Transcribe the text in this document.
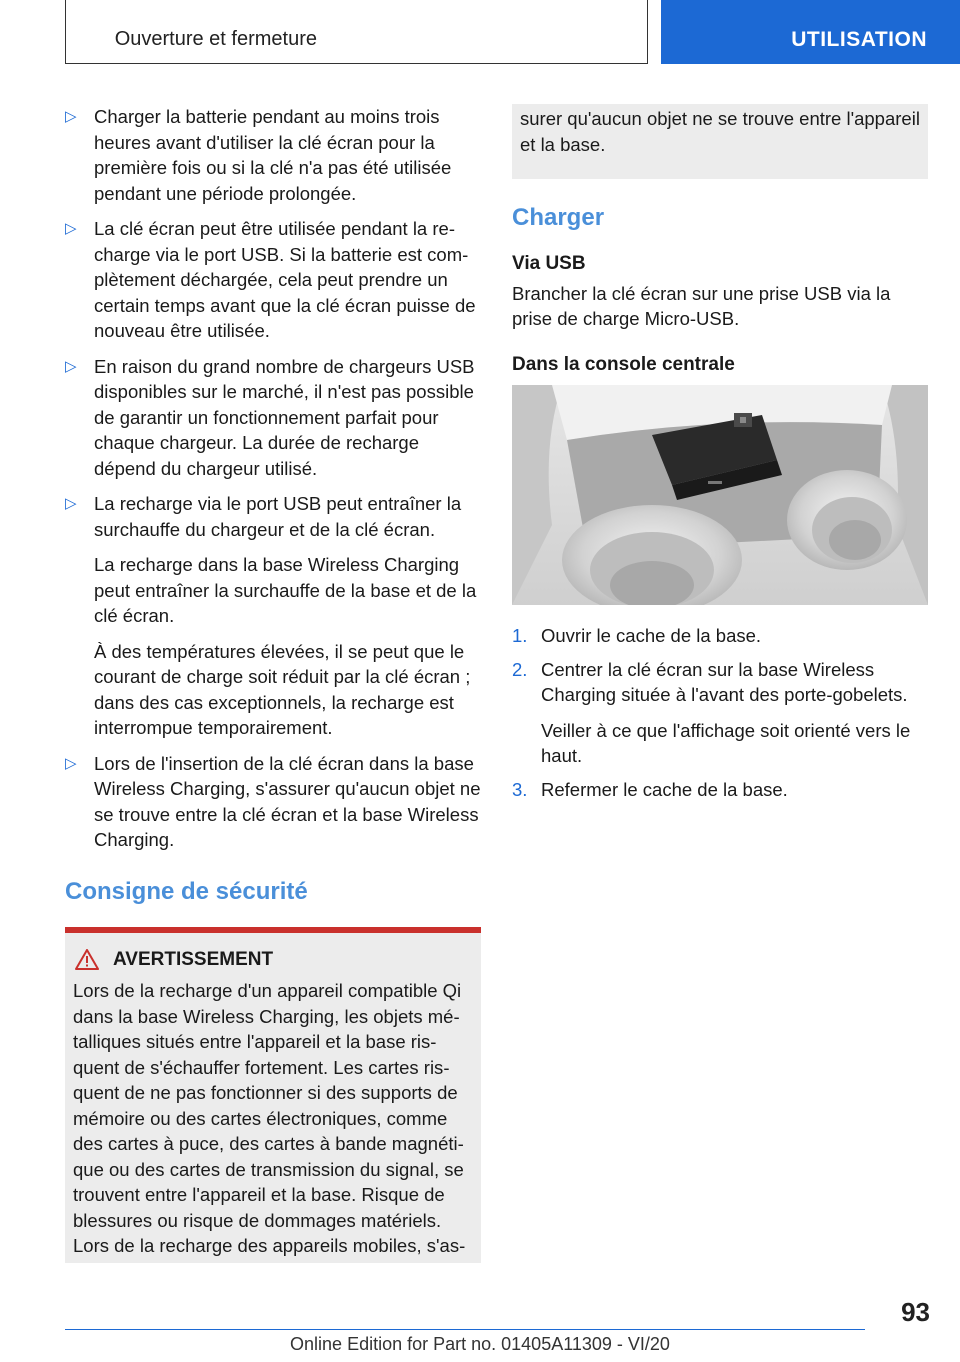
Ouverture et fermeture	UTILISATION
▷ Charger la batterie pendant au moins trois heures avant d'utiliser la clé écran pour la première fois ou si la clé n'a pas été utilisée pendant une période prolongée.

▷ La clé écran peut être utilisée pendant la recharge via le port USB. Si la batterie est complètement déchargée, cela peut prendre un certain temps avant que la clé écran puisse de nouveau être utilisée.

▷ En raison du grand nombre de chargeurs USB disponibles sur le marché, il n'est pas possible de garantir un fonctionnement parfait pour chaque chargeur. La durée de recharge dépend du chargeur utilisé.

▷ La recharge via le port USB peut entraîner la surchauffe du chargeur et de la clé écran.

La recharge dans la base Wireless Charging peut entraîner la surchauffe de la base et de la clé écran.

À des températures élevées, il se peut que le courant de charge soit réduit par la clé écran ; dans des cas exceptionnels, la recharge est interrompue temporairement.

▷ Lors de l'insertion de la clé écran dans la base Wireless Charging, s'assurer qu'aucun objet ne se trouve entre la clé écran et la base Wireless Charging.

Consigne de sécurité
AVERTISSEMENT

Lors de la recharge d'un appareil compatible Qi dans la base Wireless Charging, les objets métalliques situés entre l'appareil et la base risquent de s'échauffer fortement. Les cartes risquent de ne pas fonctionner si des supports de mémoire ou des cartes électroniques, comme des cartes à puce, des cartes à bande magnétique ou des cartes de transmission du signal, se trouvent entre l'appareil et la base. Risque de blessures ou risque de dommages matériels. Lors de la recharge des appareils mobiles, s'as-

surer qu'aucun objet ne se trouve entre l'appareil et la base.

Charger
Via USB

Brancher la clé écran sur une prise USB via la prise de charge Micro-USB.

Dans la console centrale
1. Ouvrir le cache de la base.

2. Centrer la clé écran sur la base Wireless Charging située à l'avant des porte-gobelets.

Veiller à ce que l'affichage soit orienté vers le haut.

3. Refermer le cache de la base.

93
Online Edition for Part no. 01405A11309 - VI/20
